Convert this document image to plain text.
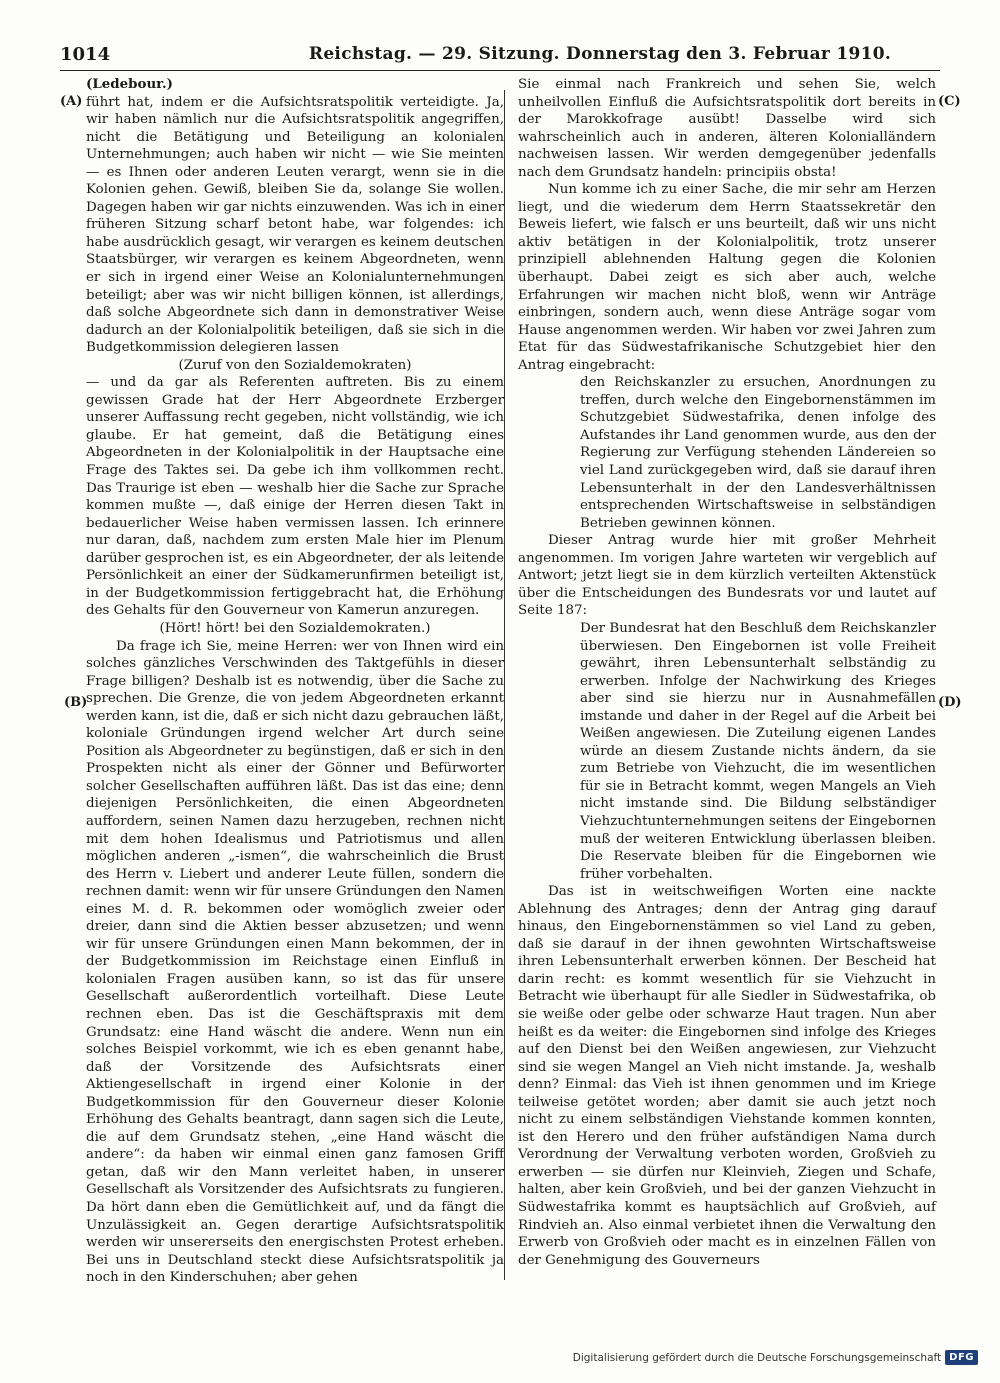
1014	Reichstag. — 29. Sitzung. Donnerstag den 3. Februar 1910.
(A)
(B)
(C)
(D)

(Ledebour.)

führt hat, indem er die Aufsichtsratspolitik verteidigte. Ja, wir haben nämlich nur die Aufsichtsratspolitik angegriffen, nicht die Betätigung und Beteiligung an kolonialen Unternehmungen; auch haben wir nicht — wie Sie meinten — es Ihnen oder anderen Leuten verargt, wenn sie in die Kolonien gehen. Gewiß, bleiben Sie da, solange Sie wollen. Dagegen haben wir gar nichts einzuwenden. Was ich in einer früheren Sitzung scharf betont habe, war folgendes: ich habe ausdrücklich gesagt, wir verargen es keinem deutschen Staatsbürger, wir verargen es keinem Abgeordneten, wenn er sich in irgend einer Weise an Kolonialunternehmungen beteiligt; aber was wir nicht billigen können, ist allerdings, daß solche Abgeordnete sich dann in demonstrativer Weise dadurch an der Kolonialpolitik beteiligen, daß sie sich in die Budgetkommission delegieren lassen

(Zuruf von den Sozialdemokraten)

— und da gar als Referenten auftreten. Bis zu einem gewissen Grade hat der Herr Abgeordnete Erzberger unserer Auffassung recht gegeben, nicht vollständig, wie ich glaube. Er hat gemeint, daß die Betätigung eines Abgeordneten in der Kolonialpolitik in der Hauptsache eine Frage des Taktes sei. Da gebe ich ihm vollkommen recht. Das Traurige ist eben — weshalb hier die Sache zur Sprache kommen mußte —, daß einige der Herren diesen Takt in bedauerlicher Weise haben vermissen lassen. Ich erinnere nur daran, daß, nachdem zum ersten Male hier im Plenum darüber gesprochen ist, es ein Abgeordneter, der als leitende Persönlichkeit an einer der Südkamerunfirmen beteiligt ist, in der Budgetkommission fertiggebracht hat, die Erhöhung des Gehalts für den Gouverneur von Kamerun anzuregen.

(Hört! hört! bei den Sozialdemokraten.)

Da frage ich Sie, meine Herren: wer von Ihnen wird ein solches gänzliches Verschwinden des Taktgefühls in dieser Frage billigen? Deshalb ist es notwendig, über die Sache zu sprechen. Die Grenze, die von jedem Abgeordneten erkannt werden kann, ist die, daß er sich nicht dazu gebrauchen läßt, koloniale Gründungen irgend welcher Art durch seine Position als Abgeordneter zu begünstigen, daß er sich in den Prospekten nicht als einer der Gönner und Befürworter solcher Gesellschaften aufführen läßt. Das ist das eine; denn diejenigen Persönlichkeiten, die einen Abgeordneten auffordern, seinen Namen dazu herzugeben, rechnen nicht mit dem hohen Idealismus und Patriotismus und allen möglichen anderen „-ismen“, die wahrscheinlich die Brust des Herrn v. Liebert und anderer Leute füllen, sondern die rechnen damit: wenn wir für unsere Gründungen den Namen eines M. d. R. bekommen oder womöglich zweier oder dreier, dann sind die Aktien besser abzusetzen; und wenn wir für unsere Gründungen einen Mann bekommen, der in der Budgetkommission im Reichstage einen Einfluß in kolonialen Fragen ausüben kann, so ist das für unsere Gesellschaft außerordentlich vorteilhaft. Diese Leute rechnen eben. Das ist die Geschäftspraxis mit dem Grundsatz: eine Hand wäscht die andere. Wenn nun ein solches Beispiel vorkommt, wie ich es eben genannt habe, daß der Vorsitzende des Aufsichtsrats einer Aktiengesellschaft in irgend einer Kolonie in der Budgetkommission für den Gouverneur dieser Kolonie Erhöhung des Gehalts beantragt, dann sagen sich die Leute, die auf dem Grundsatz stehen, „eine Hand wäscht die andere“: da haben wir einmal einen ganz famosen Griff getan, daß wir den Mann verleitet haben, in unserer Gesellschaft als Vorsitzender des Aufsichtsrats zu fungieren. Da hört dann eben die Gemütlichkeit auf, und da fängt die Unzulässigkeit an. Gegen derartige Aufsichtsratspolitik werden wir unsererseits den energischsten Protest erheben. Bei uns in Deutschland steckt diese Aufsichtsratspolitik ja noch in den Kinderschuhen; aber gehen

Sie einmal nach Frankreich und sehen Sie, welch unheilvollen Einfluß die Aufsichtsratspolitik dort bereits in der Marokkofrage ausübt! Dasselbe wird sich wahrscheinlich auch in anderen, älteren Kolonialländern nachweisen lassen. Wir werden demgegenüber jedenfalls nach dem Grundsatz handeln: principiis obsta!

Nun komme ich zu einer Sache, die mir sehr am Herzen liegt, und die wiederum dem Herrn Staatssekretär den Beweis liefert, wie falsch er uns beurteilt, daß wir uns nicht aktiv betätigen in der Kolonialpolitik, trotz unserer prinzipiell ablehnenden Haltung gegen die Kolonien überhaupt. Dabei zeigt es sich aber auch, welche Erfahrungen wir machen nicht bloß, wenn wir Anträge einbringen, sondern auch, wenn diese Anträge sogar vom Hause angenommen werden. Wir haben vor zwei Jahren zum Etat für das Südwestafrikanische Schutzgebiet hier den Antrag eingebracht:

den Reichskanzler zu ersuchen, Anordnungen zu treffen, durch welche den Eingebornenstämmen im Schutzgebiet Südwestafrika, denen infolge des Aufstandes ihr Land genommen wurde, aus den der Regierung zur Verfügung stehenden Ländereien so viel Land zurückgegeben wird, daß sie darauf ihren Lebensunterhalt in der den Landesverhältnissen entsprechenden Wirtschaftsweise in selbständigen Betrieben gewinnen können.

Dieser Antrag wurde hier mit großer Mehrheit angenommen. Im vorigen Jahre warteten wir vergeblich auf Antwort; jetzt liegt sie in dem kürzlich verteilten Aktenstück über die Entscheidungen des Bundesrats vor und lautet auf Seite 187:

Der Bundesrat hat den Beschluß dem Reichskanzler überwiesen. Den Eingebornen ist volle Freiheit gewährt, ihren Lebensunterhalt selbständig zu erwerben. Infolge der Nachwirkung des Krieges aber sind sie hierzu nur in Ausnahmefällen imstande und daher in der Regel auf die Arbeit bei Weißen angewiesen. Die Zuteilung eigenen Landes würde an diesem Zustande nichts ändern, da sie zum Betriebe von Viehzucht, die im wesentlichen für sie in Betracht kommt, wegen Mangels an Vieh nicht imstande sind. Die Bildung selbständiger Viehzuchtunternehmungen seitens der Eingebornen muß der weiteren Entwicklung überlassen bleiben. Die Reservate bleiben für die Eingebornen wie früher vorbehalten.

Das ist in weitschweifigen Worten eine nackte Ablehnung des Antrages; denn der Antrag ging darauf hinaus, den Eingebornenstämmen so viel Land zu geben, daß sie darauf in der ihnen gewohnten Wirtschaftsweise ihren Lebensunterhalt erwerben können. Der Bescheid hat darin recht: es kommt wesentlich für sie Viehzucht in Betracht wie überhaupt für alle Siedler in Südwestafrika, ob sie weiße oder gelbe oder schwarze Haut tragen. Nun aber heißt es da weiter: die Eingebornen sind infolge des Krieges auf den Dienst bei den Weißen angewiesen, zur Viehzucht sind sie wegen Mangel an Vieh nicht imstande. Ja, weshalb denn? Einmal: das Vieh ist ihnen genommen und im Kriege teilweise getötet worden; aber damit sie auch jetzt noch nicht zu einem selbständigen Viehstande kommen konnten, ist den Herero und den früher aufständigen Nama durch Verordnung der Verwaltung verboten worden, Großvieh zu erwerben — sie dürfen nur Kleinvieh, Ziegen und Schafe, halten, aber kein Großvieh, und bei der ganzen Viehzucht in Südwestafrika kommt es hauptsächlich auf Großvieh, auf Rindvieh an. Also einmal verbietet ihnen die Verwaltung den Erwerb von Großvieh oder macht es in einzelnen Fällen von der Genehmigung des Gouverneurs

Digitalisierung gefördert durch die Deutsche Forschungsgemeinschaft DFG
